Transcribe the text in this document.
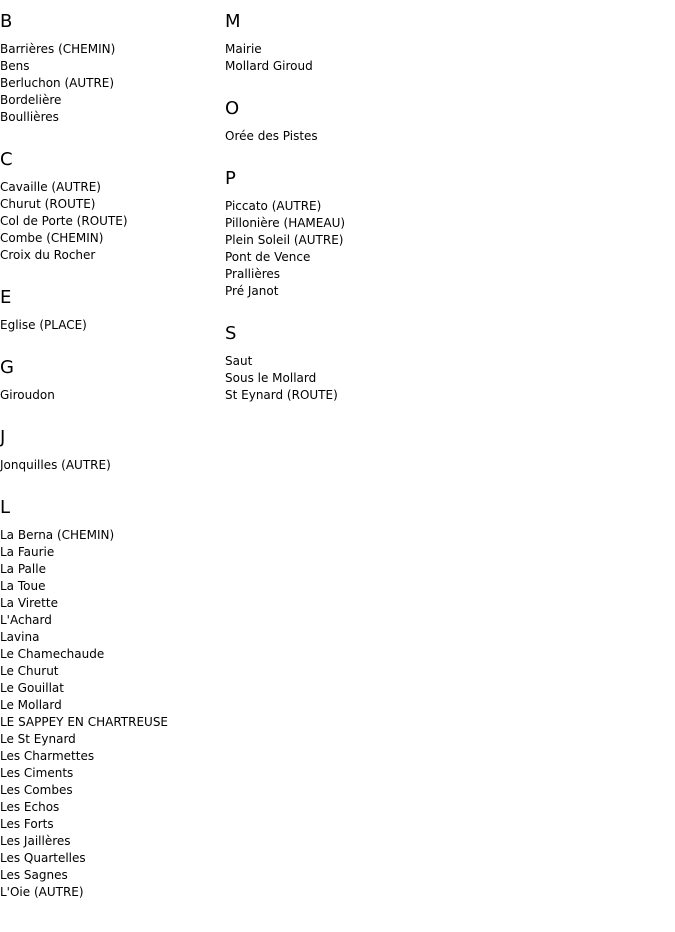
B
Barrières (CHEMIN)
Bens
Berluchon (AUTRE)
Bordelière
Boullières
C
Cavaille (AUTRE)
Churut (ROUTE)
Col de Porte (ROUTE)
Combe (CHEMIN)
Croix du Rocher
E
Eglise (PLACE)
G
Giroudon
J
Jonquilles (AUTRE)
L
La Berna (CHEMIN)
La Faurie
La Palle
La Toue
La Virette
L'Achard
Lavina
Le Chamechaude
Le Churut
Le Gouillat
Le Mollard
LE SAPPEY EN CHARTREUSE
Le St Eynard
Les Charmettes
Les Ciments
Les Combes
Les Echos
Les Forts
Les Jaillères
Les Quartelles
Les Sagnes
L'Oie (AUTRE)
M
Mairie
Mollard Giroud
O
Orée des Pistes
P
Piccato (AUTRE)
Pillonière (HAMEAU)
Plein Soleil (AUTRE)
Pont de Vence
Prallières
Pré Janot
S
Saut
Sous le Mollard
St Eynard (ROUTE)
